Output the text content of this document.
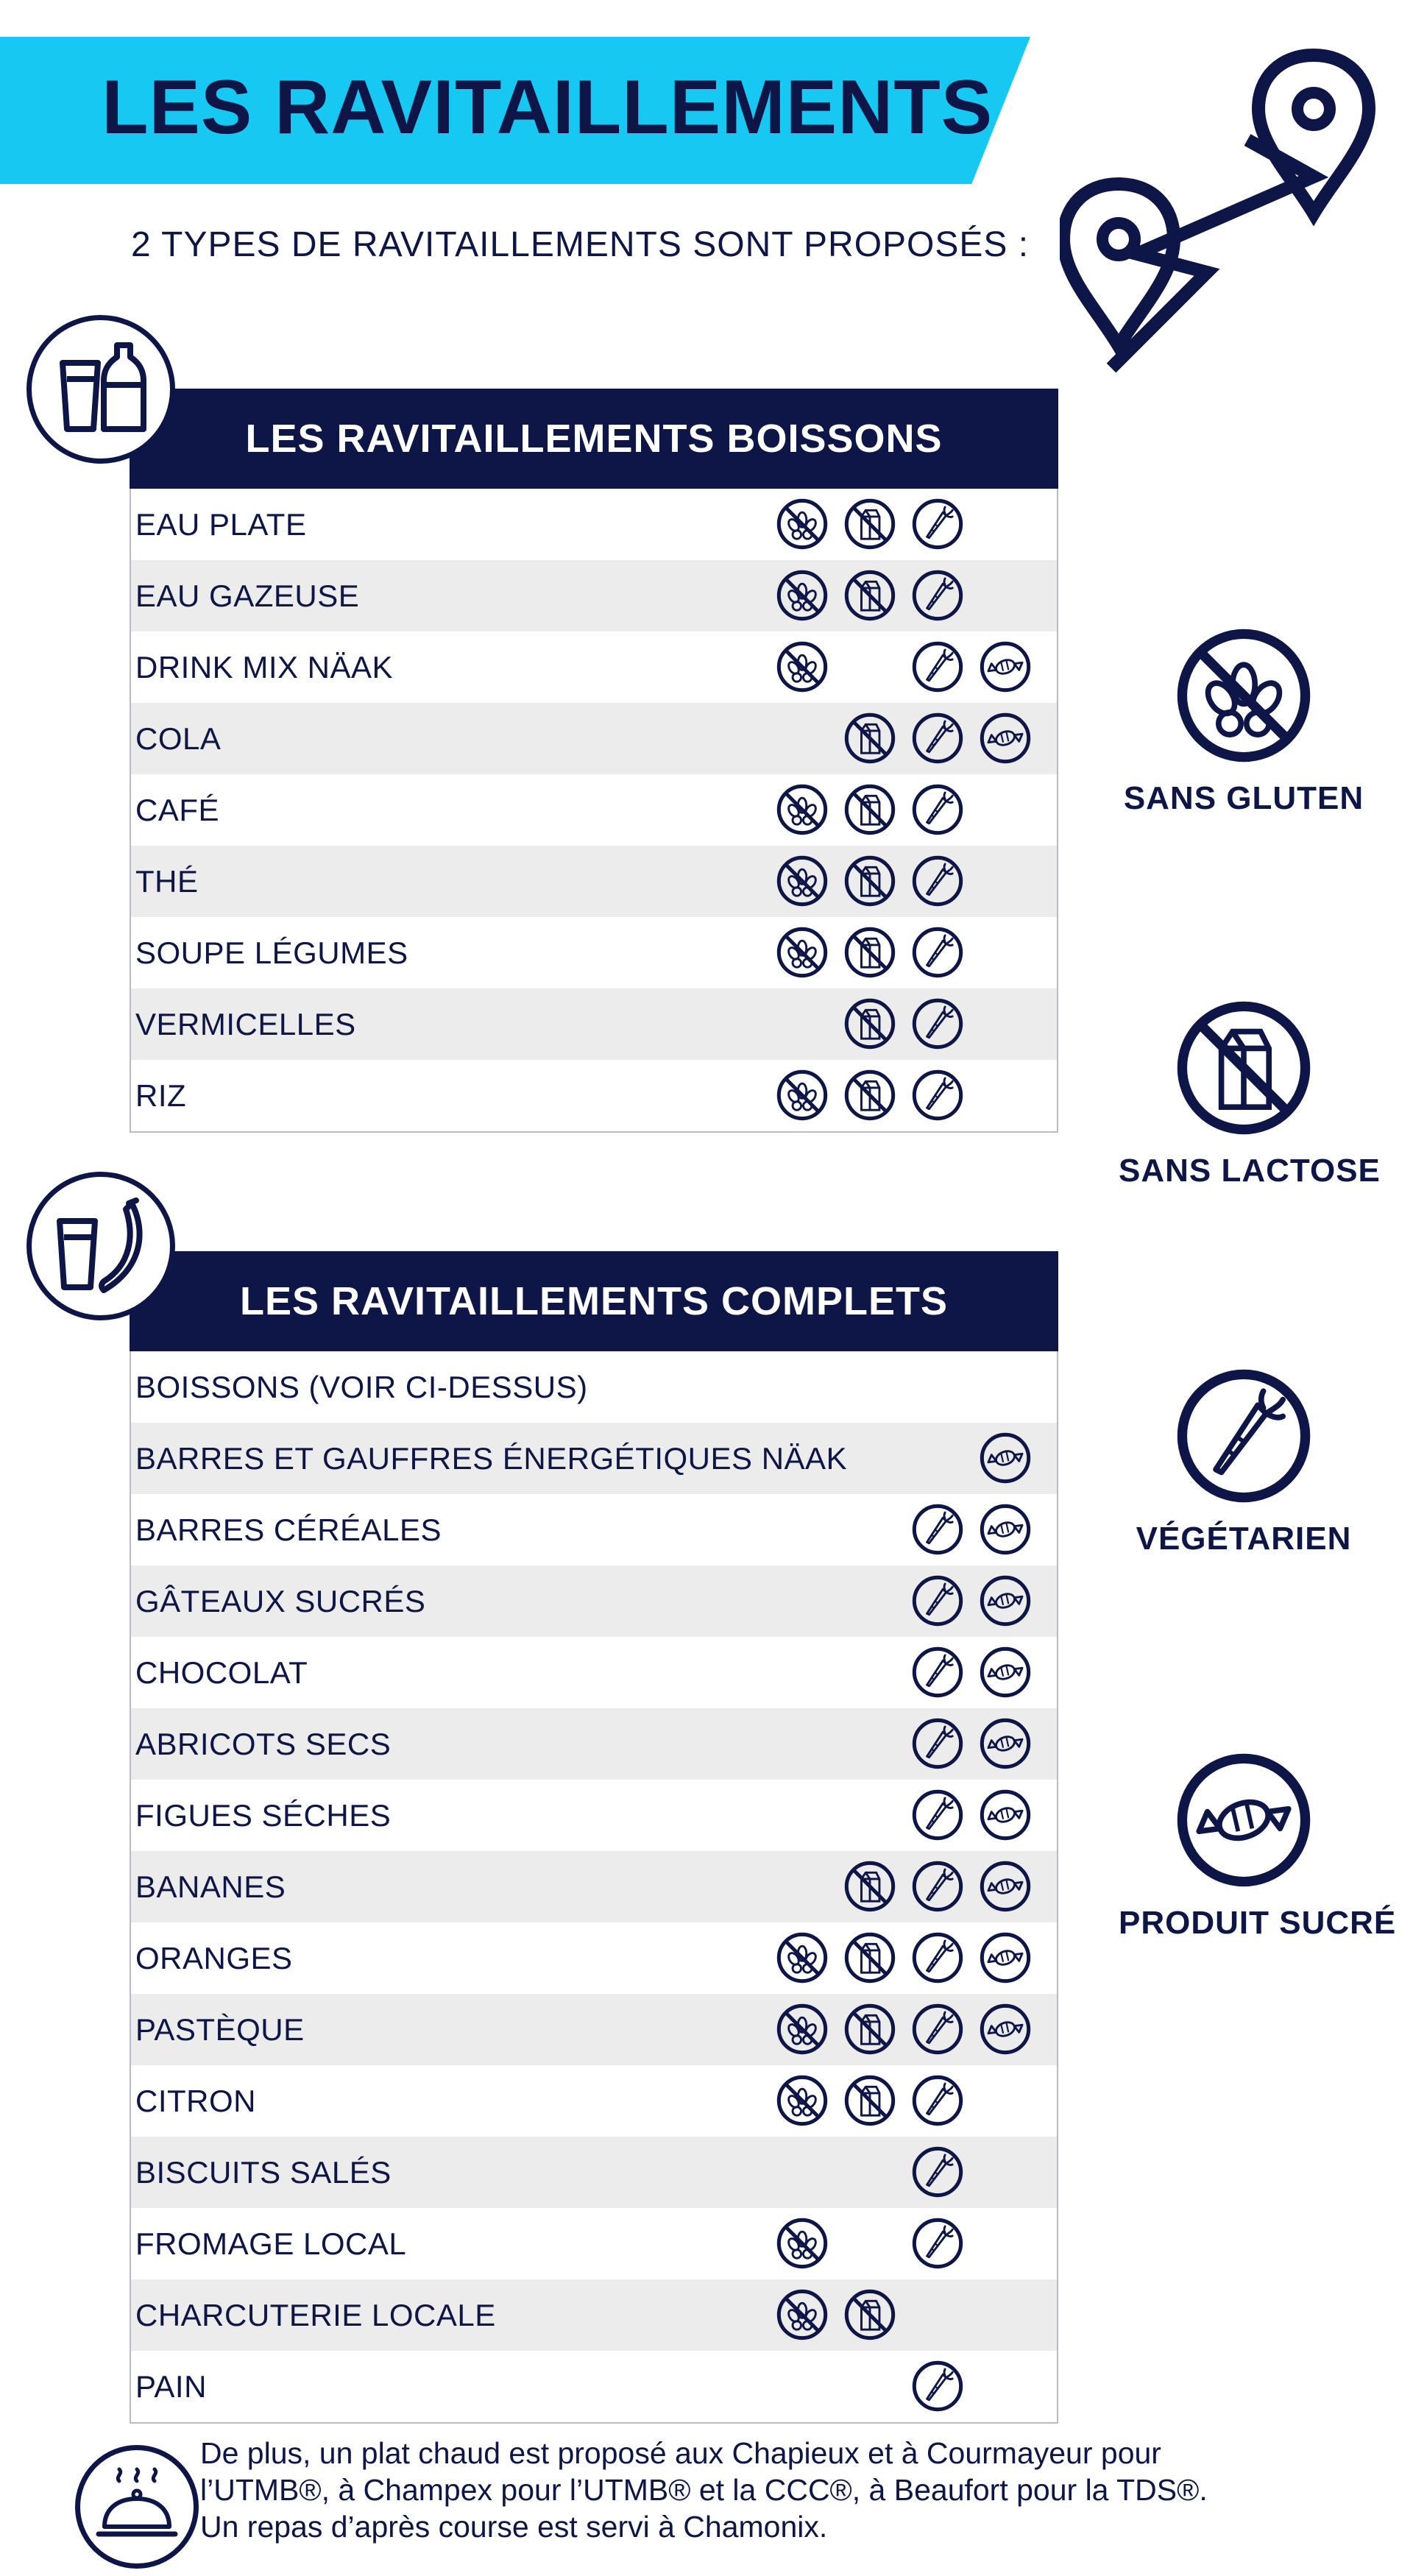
LES RAVITAILLEMENTS
2 TYPES DE RAVITAILLEMENTS SONT PROPOSÉS :
LES RAVITAILLEMENTS BOISSONS
EAU PLATE
EAU GAZEUSE
DRINK MIX NÄAK
COLA
CAFÉ
THÉ
SOUPE LÉGUMES
VERMICELLES
RIZ
LES RAVITAILLEMENTS COMPLETS
BOISSONS (VOIR CI-DESSUS)
BARRES ET GAUFFRES ÉNERGÉTIQUES NÄAK
BARRES CÉRÉALES
GÂTEAUX SUCRÉS
CHOCOLAT
ABRICOTS SECS
FIGUES SÉCHES
BANANES
ORANGES
PASTÈQUE
CITRON
BISCUITS SALÉS
FROMAGE LOCAL
CHARCUTERIE LOCALE
PAIN
SANS GLUTEN
SANS LACTOSE
VÉGÉTARIEN
PRODUIT SUCRÉ
De plus, un plat chaud est proposé aux Chapieux et à Courmayeur pour
l’UTMB®, à Champex pour l’UTMB® et la CCC®, à Beaufort pour la TDS®.
Un repas d’après course est servi à Chamonix.
